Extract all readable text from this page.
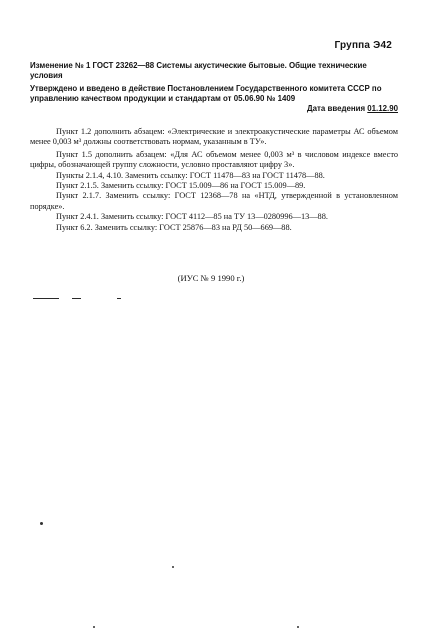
Группа Э42
Изменение № 1 ГОСТ 23262—88 Системы акустические бытовые. Общие технические условия
Утверждено и введено в действие Постановлением Государственного комитета СССР по управлению качеством продукции и стандартам от 05.06.90 № 1409
Дата введения 01.12.90

Пункт 1.2 дополнить абзацем: «Электрические и электроакустические параметры АС объемом менее 0,003 м³ должны соответствовать нормам, указанным в ТУ».

Пункт 1.5 дополнить абзацем: «Для АС объемом менее 0,003 м³ в числовом индексе вместо цифры, обозначающей группу сложности, условно проставляют цифру 3».

Пункты 2.1.4, 4.10. Заменить ссылку: ГОСТ 11478—83 на ГОСТ 11478—88.

Пункт 2.1.5. Заменить ссылку: ГОСТ 15.009—86 на ГОСТ 15.009—89.

Пункт 2.1.7. Заменить ссылку: ГОСТ 12368—78 на «НТД, утвержденной в установленном порядке».

Пункт 2.4.1. Заменить ссылку: ГОСТ 4112—85 на ТУ 13—0280996—13—88.

Пункт 6.2. Заменить ссылку: ГОСТ 25876—83 на РД 50—669—88.

(ИУС № 9 1990 г.)
